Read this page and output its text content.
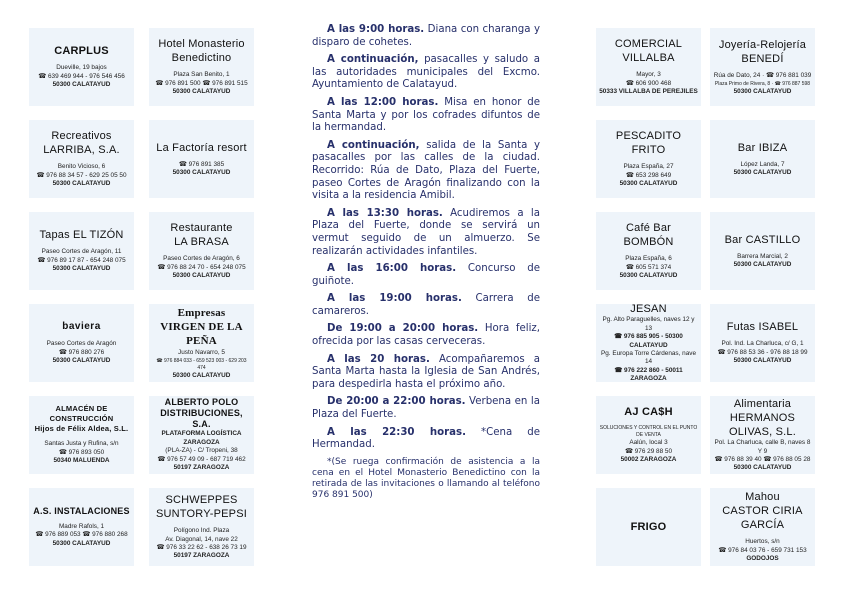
CARPLUS
Dueville, 19 bajos
☎ 639 469 944 - 976 546 456
50300 CALATAYUD
Hotel Monasterio
Benedictino
Plaza San Benito, 1
☎ 976 891 500 ☎ 976 891 515
50300 CALATAYUD
Recreativos
LARRIBA, S.A.
Benito Vicioso, 6
☎ 976 88 34 57 - 629 25 05 50
50300 CALATAYUD
La Factoría resort
☎ 976 891 385
50300 CALATAYUD
Tapas EL TIZÓN
Paseo Cortes de Aragón, 11
☎ 976 89 17 87 - 654 248 075
50300 CALATAYUD
Restaurante
LA BRASA
Paseo Cortes de Aragón, 6
☎ 976 88 24 70 - 654 248 075
50300 CALATAYUD
baviera
Paseo Cortes de Aragón
☎ 976 880 276
50300 CALATAYUD
Empresas
VIRGEN DE LA PEÑA
Justo Navarro, 5
☎ 976 884 033 - 659 523 003 - 629 203 474
50300 CALATAYUD
ALMACÉN DE CONSTRUCCIÓN
Hijos de Félix Aldea, S.L.
Santas Justa y Rufina, s/n
☎ 976 893 050
50340 MALUENDA
ALBERTO POLO
DISTRIBUCIONES, S.A.
PLATAFORMA LOGÍSTICA ZARAGOZA
(PLA-ZA) - C/ Tropeni, 38
☎ 976 57 49 09 - 687 719 462
50197 ZARAGOZA
A.S. INSTALACIONES
Madre Rafols, 1
☎ 976 889 053 ☎ 976 880 268
50300 CALATAYUD
SCHWEPPES
SUNTORY-PEPSI
Polígono Ind. Plaza
Av. Diagonal, 14, nave 22
☎ 976 33 22 62 - 638 26 73 19
50197 ZARAGOZA

A las 9:00 horas. Diana con charanga y disparo de cohetes.

A continuación, pasacalles y saludo a las autoridades municipales del Excmo. Ayuntamiento de Calatayud.

A las 12:00 horas. Misa en honor de Santa Marta y por los cofrades difuntos de la hermandad.

A continuación, salida de la Santa y pasacalles por las calles de la ciudad. Recorrido: Rúa de Dato, Plaza del Fuerte, paseo Cortes de Aragón finalizando con la visita a la residencia Amibil.

A las 13:30 horas. Acudiremos a la Plaza del Fuerte, donde se servirá un vermut seguido de un almuerzo. Se realizarán actividades infantiles.

A las 16:00 horas. Concurso de guiñote.

A las 19:00 horas. Carrera de camareros.

De 19:00 a 20:00 horas. Hora feliz, ofrecida por las casas cerveceras.

A las 20 horas. Acompañaremos a Santa Marta hasta la Iglesia de San Andrés, para despedirla hasta el próximo año.

De 20:00 a 22:00 horas. Verbena en la Plaza del Fuerte.

A las 22:30 horas. *Cena de Hermandad.

*(Se ruega confirmación de asistencia a la cena en el Hotel Monasterio Benedictino con la retirada de las invitaciones o llamando al teléfono 976 891 500)

COMERCIAL
VILLALBA
Mayor, 3
☎ 606 900 468
50333 VILLALBA DE PEREJILES
Joyería-Relojería
BENEDÍ
Rúa de Dato, 24 · ☎ 976 881 039
Plaza Primo de Rivera, 8 · ☎ 976 887 598
50300 CALATAYUD
PESCADITO
FRITO
Plaza España, 27
☎ 653 298 649
50300 CALATAYUD
Bar IBIZA
López Landa, 7
50300 CALATAYUD
Café Bar
BOMBÓN
Plaza España, 6
☎ 605 571 374
50300 CALATAYUD
Bar CASTILLO
Barrera Marcial, 2
50300 CALATAYUD
JESAN
Pg. Alto Paraguelles, naves 12 y 13
☎ 976 885 905 - 50300 CALATAYUD
Pg. Europa Torre Cárdenas, nave 14
☎ 976 222 860 - 50011 ZARAGOZA
Futas ISABEL
Pol. Ind. La Charluca, c/ G, 1
☎ 976 88 53 36 - 976 88 18 99
50300 CALATAYUD
AJ CA$H
SOLUCIONES Y CONTROL EN EL PUNTO DE VENTA
Aalún, local 3
☎ 976 29 88 50
50002 ZARAGOZA
Alimentaria
HERMANOS OLIVAS, S.L.
Pol. La Charluca, calle B, naves 8 Y 9
☎ 976 88 39 40 ☎ 976 88 05 28
50300 CALATAYUD
FRIGO
Mahou
CASTOR CIRIA GARCÍA
Huertos, s/n
☎ 976 84 03 76 - 659 731 153
GODOJOS
